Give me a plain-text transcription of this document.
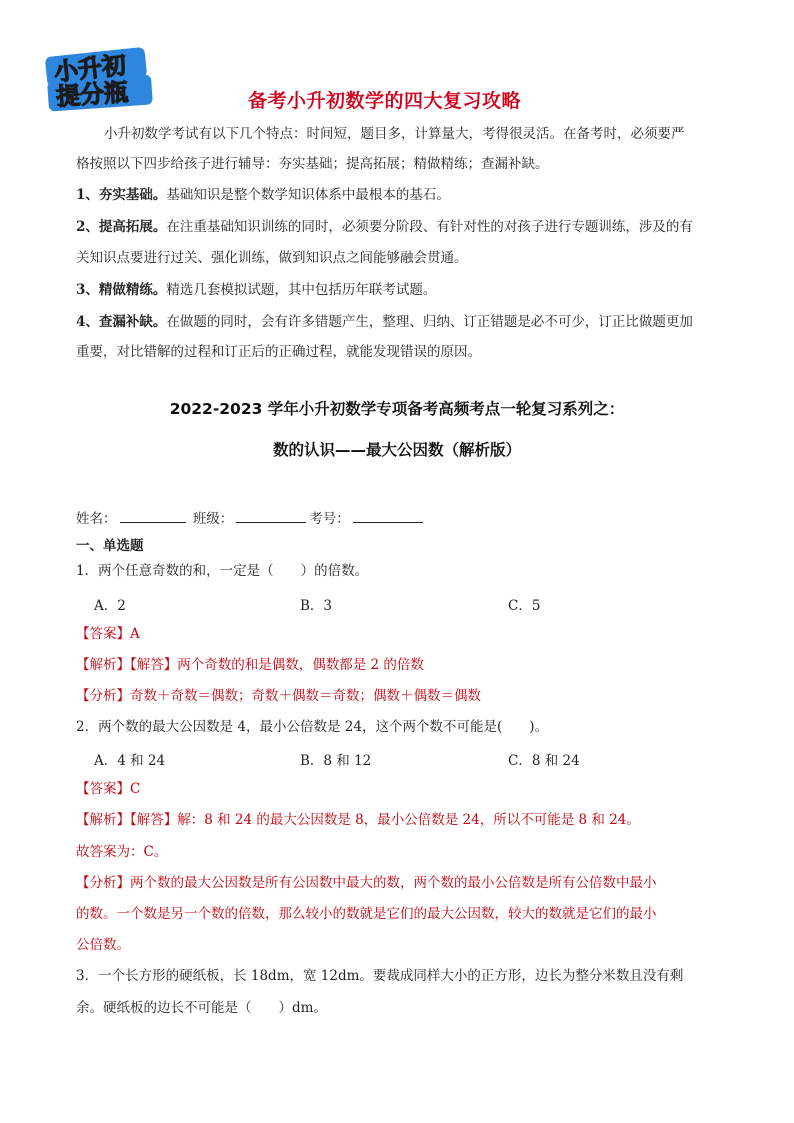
小升初
提分瓶	备考小升初数学的四大复习攻略
小升初数学考试有以下几个特点：时间短，题目多，计算量大，考得很灵活。在备考时，必须要严
格按照以下四步给孩子进行辅导：夯实基础；提高拓展；精做精练；查漏补缺。
1、夯实基础。基础知识是整个数学知识体系中最根本的基石。
2、提高拓展。在注重基础知识训练的同时，必须要分阶段、有针对性的对孩子进行专题训练，涉及的有
关知识点要进行过关、强化训练，做到知识点之间能够融会贯通。
3、精做精练。精选几套模拟试题，其中包括历年联考试题。
4、查漏补缺。在做题的同时，会有许多错题产生，整理、归纳、订正错题是必不可少，订正比做题更加
重要，对比错解的过程和订正后的正确过程，就能发现错误的原因。
2022-2023 学年小升初数学专项备考高频考点一轮复习系列之：
数的认识——最大公因数（解析版）
姓名：	班级：	考号：
一、单选题
1．两个任意奇数的和，一定是（　　）的倍数。
A．2	B．3	C．5
【答案】A
【解析】【解答】两个奇数的和是偶数，偶数都是 2 的倍数
【分析】奇数＋奇数＝偶数；奇数＋偶数＝奇数；偶数＋偶数＝偶数
2．两个数的最大公因数是 4，最小公倍数是 24，这个两个数不可能是(　　)。
A．4 和 24	B．8 和 12	C．8 和 24
【答案】C
【解析】【解答】解：8 和 24 的最大公因数是 8，最小公倍数是 24，所以不可能是 8 和 24。
故答案为：C。
【分析】两个数的最大公因数是所有公因数中最大的数，两个数的最小公倍数是所有公倍数中最小
的数。一个数是另一个数的倍数，那么较小的数就是它们的最大公因数，较大的数就是它们的最小
公倍数。
3．一个长方形的硬纸板，长 18dm，宽 12dm。要裁成同样大小的正方形，边长为整分米数且没有剩
余。硬纸板的边长不可能是（　　）dm。
